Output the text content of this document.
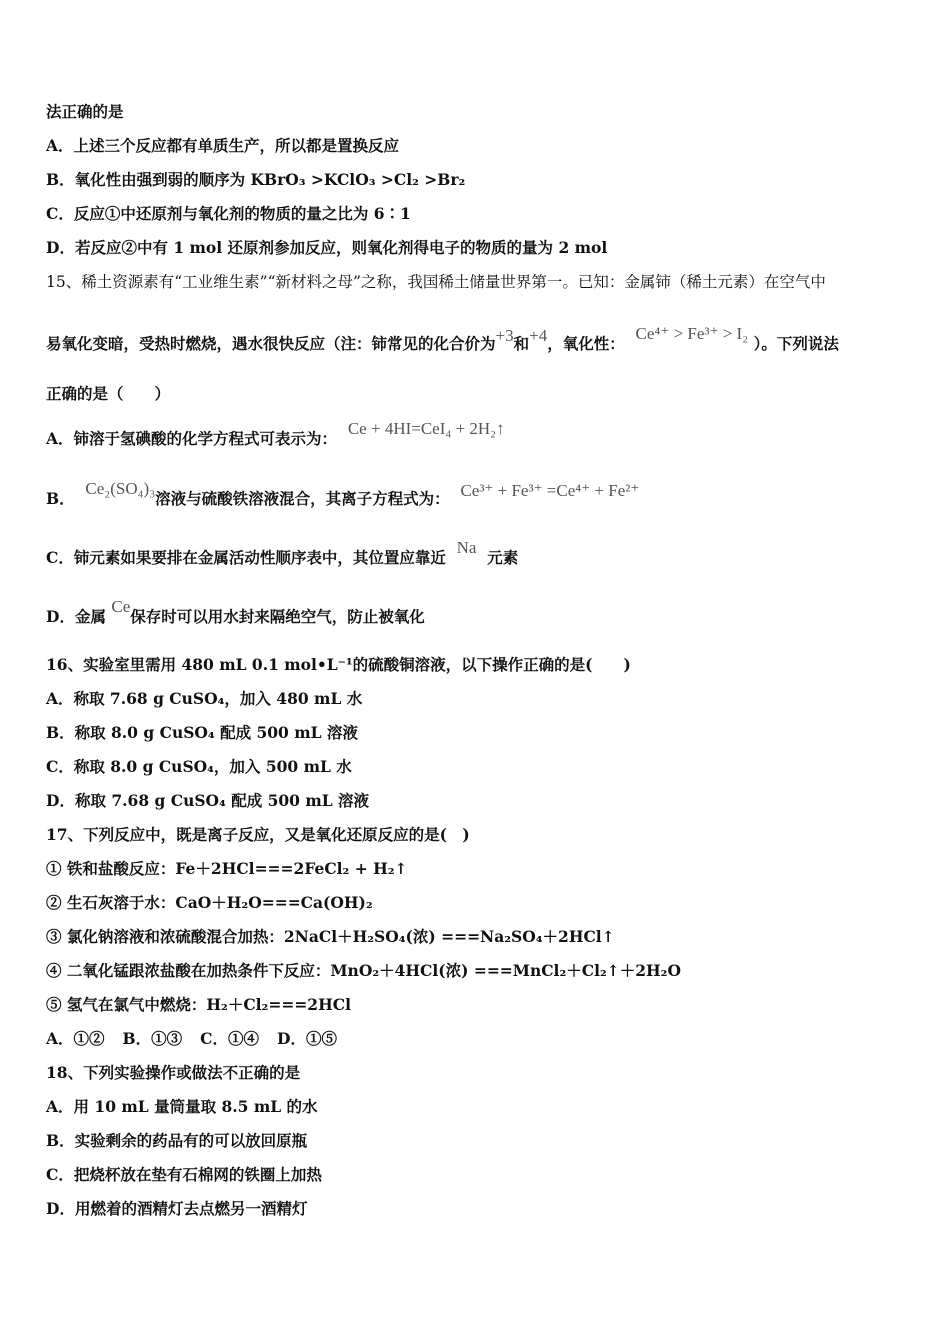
法正确的是
A．上述三个反应都有单质生产，所以都是置换反应
B．氧化性由强到弱的顺序为 KBrO₃ >KClO₃ >Cl₂ >Br₂
C．反应①中还原剂与氧化剂的物质的量之比为 6∶1
D．若反应②中有 1 mol 还原剂参加反应，则氧化剂得电子的物质的量为 2 mol
15、稀土资源素有“工业维生素”“新材料之母”之称，我国稀土储量世界第一。已知：金属铈（稀土元素）在空气中
易氧化变暗，受热时燃烧，遇水很快反应（注：铈常见的化合价为+3和+4，氧化性：  Ce⁴⁺ > Fe³⁺ > I₂ ）。下列说法
正确的是（　　）
A．铈溶于氢碘酸的化学方程式可表示为：  Ce + 4HI=CeI₄ + 2H₂↑
B．  Ce₂(SO₄)₃溶液与硫酸铁溶液混合，其离子方程式为： Ce³⁺ + Fe³⁺ =Ce⁴⁺ + Fe²⁺
C．铈元素如果要排在金属活动性顺序表中，其位置应靠近  Na  元素
D．金属 Ce保存时可以用水封来隔绝空气，防止被氧化
16、实验室里需用 480 mL 0.1 mol•L⁻¹的硫酸铜溶液，以下操作正确的是(　　)
A．称取 7.68 g CuSO₄，加入 480 mL 水
B．称取 8.0 g CuSO₄ 配成 500 mL 溶液
C．称取 8.0 g CuSO₄，加入 500 mL 水
D．称取 7.68 g CuSO₄ 配成 500 mL 溶液
17、下列反应中，既是离子反应，又是氧化还原反应的是(　)
① 铁和盐酸反应：Fe＋2HCl===2FeCl₂ + H₂↑
② 生石灰溶于水：CaO＋H₂O===Ca(OH)₂
③ 氯化钠溶液和浓硫酸混合加热：2NaCl＋H₂SO₄(浓) ===Na₂SO₄＋2HCl↑
④ 二氧化锰跟浓盐酸在加热条件下反应：MnO₂＋4HCl(浓) ===MnCl₂＋Cl₂↑＋2H₂O
⑤ 氢气在氯气中燃烧：H₂＋Cl₂===2HCl
A．①② B．①③ C．①④ D．①⑤
18、下列实验操作或做法不正确的是
A．用 10 mL 量筒量取 8.5 mL 的水
B．实验剩余的药品有的可以放回原瓶
C．把烧杯放在垫有石棉网的铁圈上加热
D．用燃着的酒精灯去点燃另一酒精灯
